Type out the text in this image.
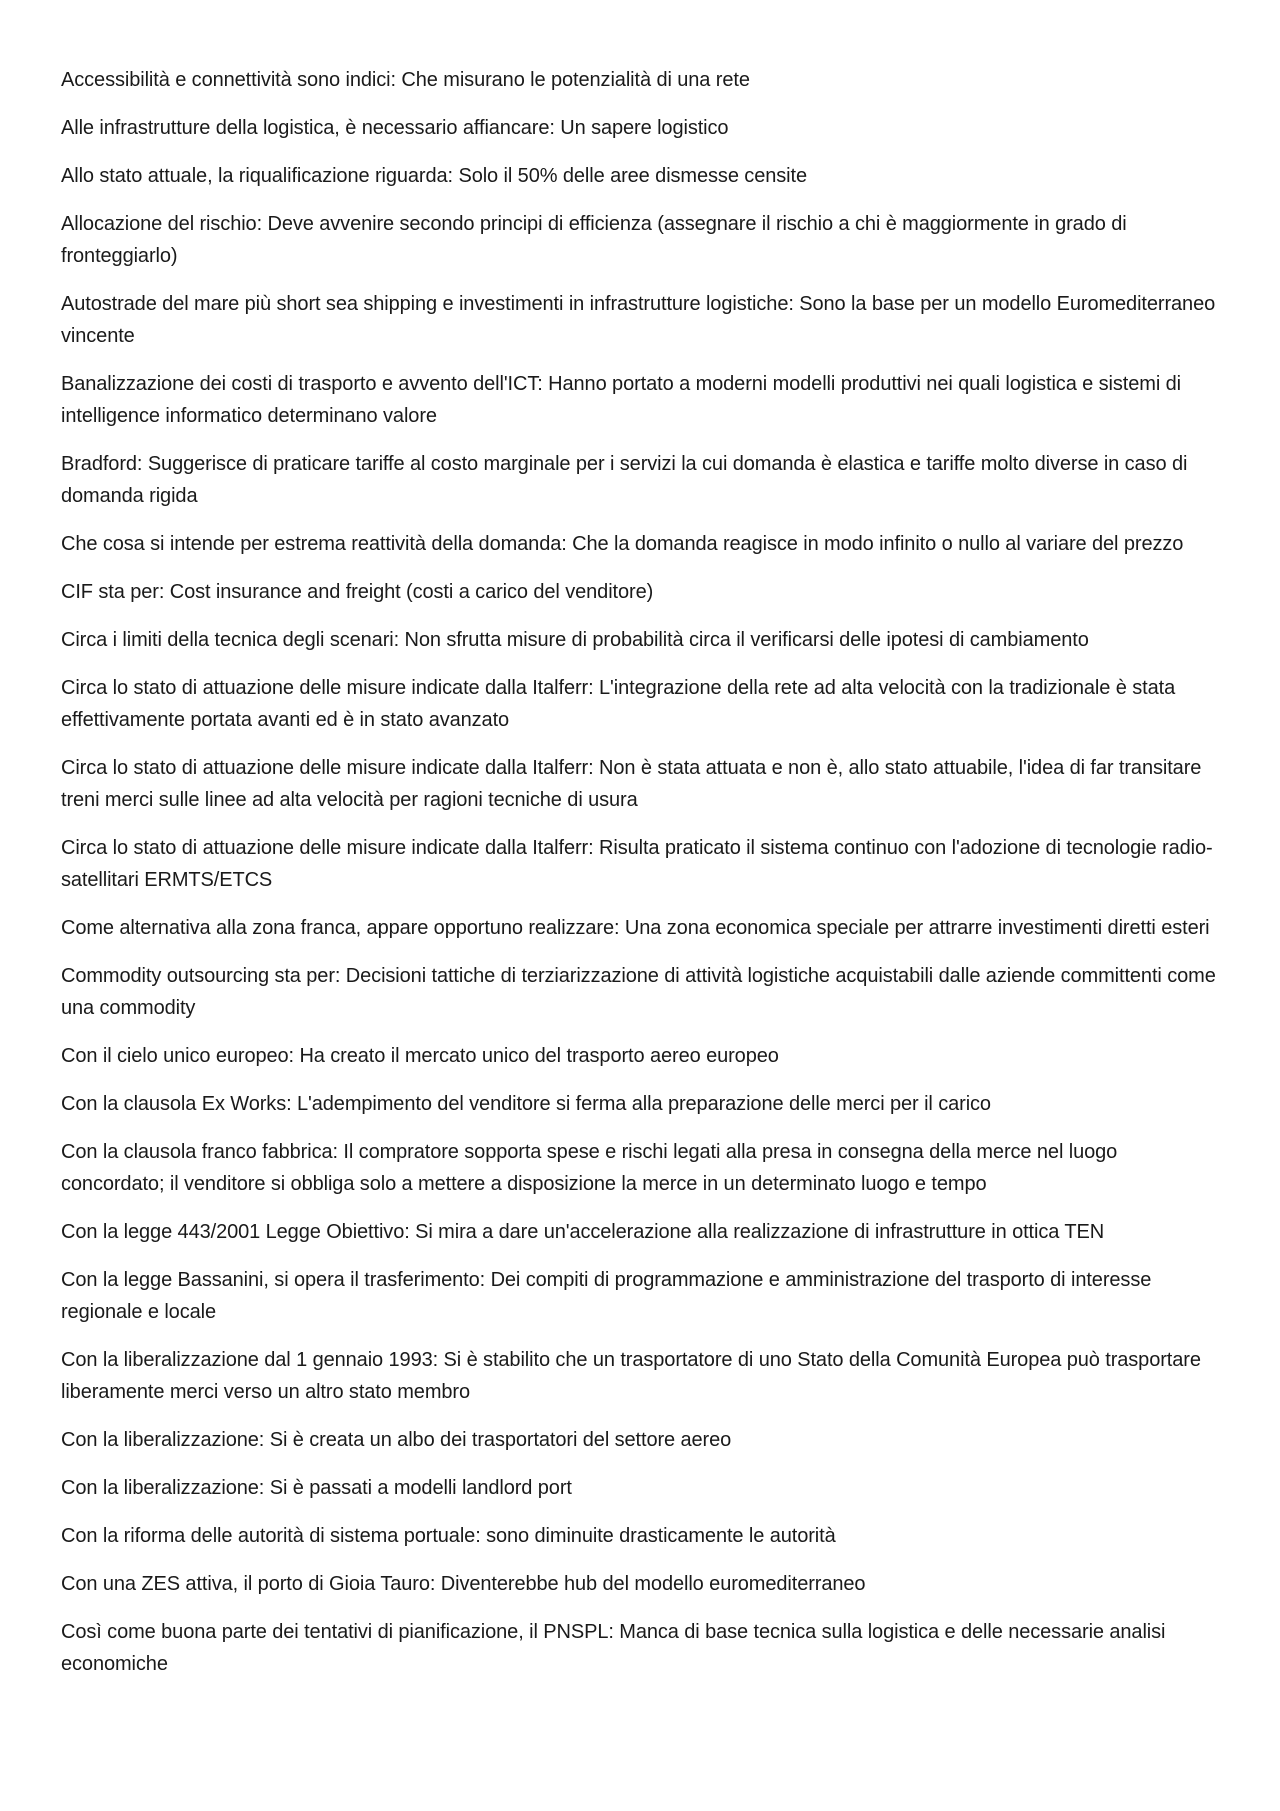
Accessibilità e connettività sono indici: Che misurano le potenzialità di una rete
Alle infrastrutture della logistica, è necessario affiancare: Un sapere logistico
Allo stato attuale, la riqualificazione riguarda: Solo il 50% delle aree dismesse censite
Allocazione del rischio: Deve avvenire secondo principi di efficienza (assegnare il rischio a chi è maggiormente in grado di fronteggiarlo)
Autostrade del mare più short sea shipping e investimenti in infrastrutture logistiche: Sono la base per un modello Euromediterraneo vincente
Banalizzazione dei costi di trasporto e avvento dell'ICT: Hanno portato a moderni modelli produttivi nei quali logistica e sistemi di intelligence informatico determinano valore
Bradford: Suggerisce di praticare tariffe al costo marginale per i servizi la cui domanda è elastica e tariffe molto diverse in caso di domanda rigida
Che cosa si intende per estrema reattività della domanda: Che la domanda reagisce in modo infinito o nullo al variare del prezzo
CIF sta per: Cost insurance and freight (costi a carico del venditore)
Circa i limiti della tecnica degli scenari: Non sfrutta misure di probabilità circa il verificarsi delle ipotesi di cambiamento
Circa lo stato di attuazione delle misure indicate dalla Italferr: L'integrazione della rete ad alta velocità con la tradizionale è stata effettivamente portata avanti ed è in stato avanzato
Circa lo stato di attuazione delle misure indicate dalla Italferr: Non è stata attuata e non è, allo stato attuabile, l'idea di far transitare treni merci sulle linee ad alta velocità per ragioni tecniche di usura
Circa lo stato di attuazione delle misure indicate dalla Italferr: Risulta praticato il sistema continuo con l'adozione di tecnologie radio-satellitari ERMTS/ETCS
Come alternativa alla zona franca, appare opportuno realizzare: Una zona economica speciale per attrarre investimenti diretti esteri
Commodity outsourcing sta per: Decisioni tattiche di terziarizzazione di attività logistiche acquistabili dalle aziende committenti come una commodity
Con il cielo unico europeo: Ha creato il mercato unico del trasporto aereo europeo
Con la clausola Ex Works: L'adempimento del venditore si ferma alla preparazione delle merci per il carico
Con la clausola franco fabbrica: Il compratore sopporta spese e rischi legati alla presa in consegna della merce nel luogo concordato; il venditore si obbliga solo a mettere a disposizione la merce in un determinato luogo e tempo
Con la legge 443/2001 Legge Obiettivo: Si mira a dare un'accelerazione alla realizzazione di infrastrutture in ottica TEN
Con la legge Bassanini, si opera il trasferimento: Dei compiti di programmazione e amministrazione del trasporto di interesse regionale e locale
Con la liberalizzazione dal 1 gennaio 1993: Si è stabilito che un trasportatore di uno Stato della Comunità Europea può trasportare liberamente merci verso un altro stato membro
Con la liberalizzazione: Si è creata un albo dei trasportatori del settore aereo
Con la liberalizzazione: Si è passati a modelli landlord port
Con la riforma delle autorità di sistema portuale: sono diminuite drasticamente le autorità
Con una ZES attiva, il porto di Gioia Tauro: Diventerebbe hub del modello euromediterraneo
Così come buona parte dei tentativi di pianificazione, il PNSPL: Manca di base tecnica sulla logistica e delle necessarie analisi economiche
